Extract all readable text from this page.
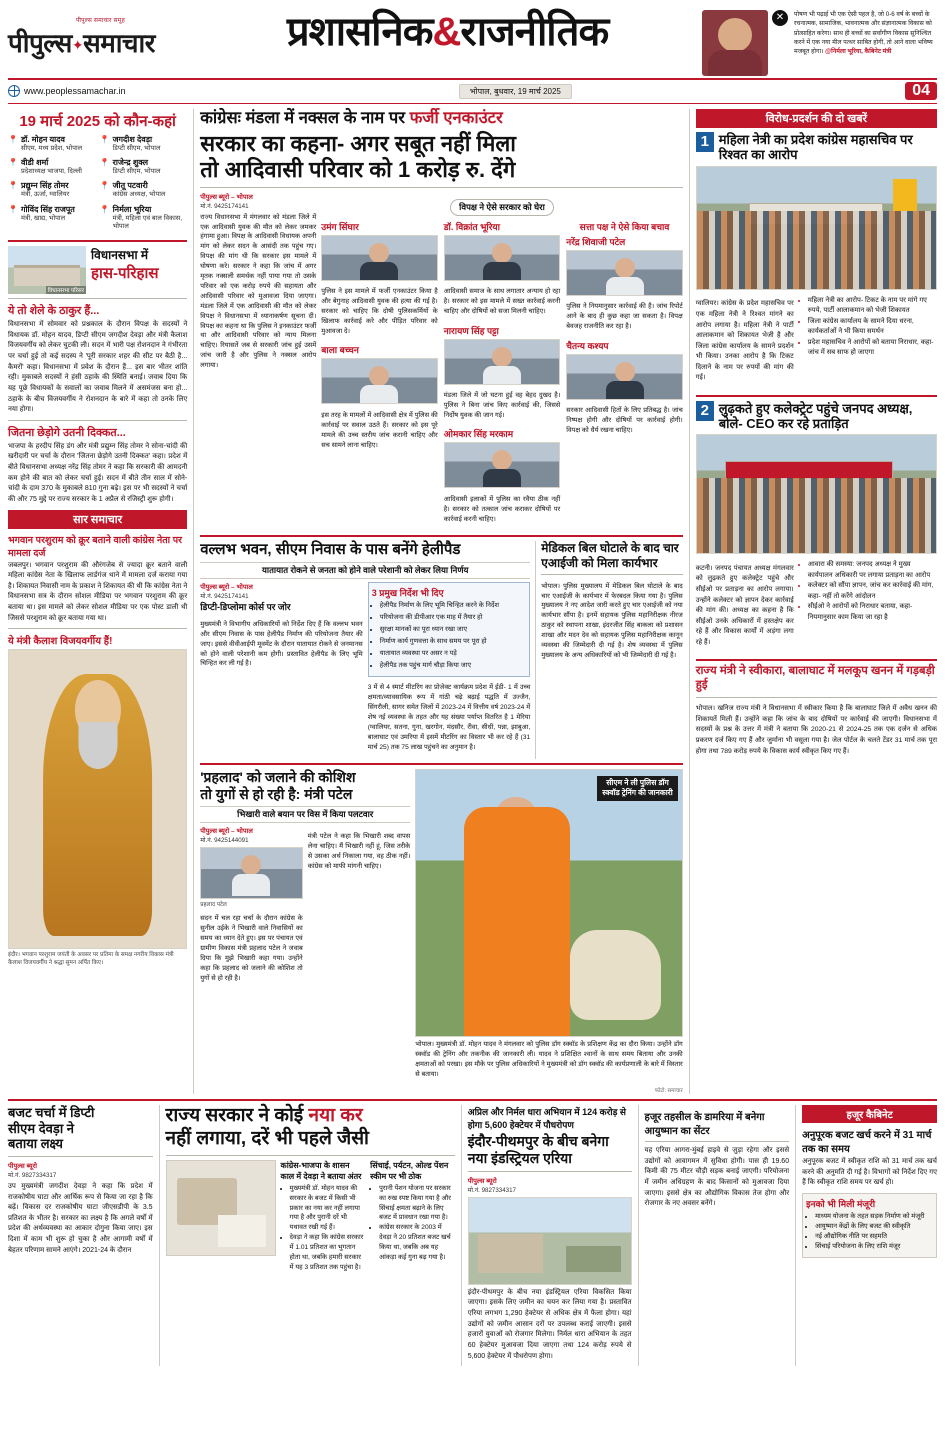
पीपुल्स समाचार समूह
पीपुल्स✦समाचार	प्रशासनिक&राजनीतिक	✕	पोषण भी पढ़ाई भी एक ऐसी पहल है, जो 0-6 वर्ष के बच्चों के रचनात्मक, सामाजिक, भावनात्मक और संज्ञानात्मक विकास को प्रोत्साहित करेगा। साथ ही बच्चों का सर्वांगीण विकास सुनिश्चित करने में एक नया मील पत्थर साबित होगी, तो आने वाला भविष्य मजबूत होगा। @निर्मला भूरिया, कैबिनेट मंत्री
www.peoplessamachar.in	भोपाल, बुधवार, 19 मार्च 2025	04
19 मार्च 2025 को कौन-कहां
📍 डॉ. मोहन यादव
सीएम, मध्य प्रदेश, भोपाल
📍 वीडी शर्मा
प्रदेशाध्यक्ष भाजपा, दिल्ली
📍 प्रद्युम्न सिंह तोमर
मंत्री, ऊर्जा, ग्वालियर
📍 गोविंद सिंह राजपूत
मंत्री, खाद्य, भोपाल
📍 जगदीश देवड़ा
डिप्टी सीएम, भोपाल
📍 राजेन्द्र शुक्ल
डिप्टी सीएम, भोपाल
📍 जीतू पटवारी
कांग्रेस अध्यक्ष, भोपाल
📍 निर्मला भूरिया
मंत्री, महिला एवं बाल विकास, भोपाल
विधानसभा परिसर
विधानसभा में
हास-परिहास
ये तो शेले के ठाकुर हैं...

विधानसभा में सोमवार को प्रश्नकाल के दौरान विपक्ष के सदस्यों ने विधायक डॉ. मोहन यादव, डिप्टी सीएम जगदीश देवड़ा और मंत्री कैलाश विजयवर्गीय को लेकर चुटकी ली। सदन में भारी पक्ष रोशनदान ने गंभीरता पर चर्चा हुई तो कई सदस्य ने 'पूरी सरकार शहर की सीट पर बैठी है... कैमरों' कहा। विधानसभा में प्रवेश के दौरान हैं... इस बार भीतर शांति रही। मुकाबले सदस्यों ने हंसी ठहाके की स्थिति बनाई। जवाब दिया कि यह पूछे विधायकों के सवालों का जवाब मिलने में असमंजस बना हो... ठहाके के बीच विजयवर्गीय ने रोशनदान के बारे में कहा तो उनके लिए नया होगा।

जितना छेड़ोगे उतनी दिक्कत...

भाजपा के हरदीप सिंह डंग और मंत्री प्रद्युम्न सिंह तोमर ने सोना-चांदी की खरीदारी पर चर्चा के दौरान 'जितना छेड़ोगे उतनी दिक्कत' कहा। प्रदेश में बीते विधानसभा अध्यक्ष नरेंद्र सिंह तोमर ने कहा कि सरकारी की आमदनी कम होने की बात को लेकर चर्चा हुई। सदन में बीते तीन साल में सोने-चांदी के दाम 370 के मुकाबले 810 गुना बढ़े। इस पर भी सदस्यों ने चर्चा की और 75 मुद्दे पर राज्य सरकार के 1 अप्रैल से रजिस्ट्री शुरू होगी।

सार समाचार
भगवान परशुराम को क्रूर बताने वाली कांग्रेस नेता पर मामला दर्ज

जबलपुर। भगवान परशुराम की औरंगजेब से ज्यादा क्रूर बताने वाली महिला कांग्रेस नेता के खिलाफ लार्डगंज थाने में मामला दर्ज कराया गया है। शिकायत निवासी नाम के प्रकाश ने शिकायत की थी कि कांग्रेस नेता ने विधानसभा सत्र के दौरान सोशल मीडिया पर भगवान परशुराम की क्रूर बताया था। इस मामले को लेकर सोशल मीडिया पर एक पोस्ट डाली थी जिससे परशुराम को क्रूर बताया गया था।

ये मंत्री कैलाश विजयवर्गीय हैं!
इंदौर। भगवान परशुराम जयंती के अवसर पर प्रतिमा के समक्ष नगरीय विकास मंत्री कैलाश विजयवर्गीय ने श्रद्धा सुमन अर्पित किए।
कांग्रेसः मंडला में नक्सल के नाम पर फर्जी एनकाउंटर
सरकार का कहना- अगर सबूत नहीं मिला
तो आदिवासी परिवार को 1 करोड़ रु. देंगे
पीपुल्स ब्यूरो – भोपाल
मो.नं. 9425174141

राज्य विधानसभा में मंगलवार को मंडला जिले में एक आदिवासी युवक की मौत को लेकर जमकर हंगामा हुआ। विपक्ष के आदिवासी विधायक अपनी मांग को लेकर सदन के आसंदी तक पहुंच गए। विपक्ष की मांग थी कि सरकार इस मामले में घोषणा करे। सरकार ने कहा कि जांच में अगर मृतक नक्सली समर्थक नहीं पाया गया तो उसके परिवार को एक करोड़ रुपये की सहायता और आदिवासी परिवार को मुआवजा दिया जाएगा। मंडला जिले में एक आदिवासी की मौत को लेकर विपक्ष ने विधानसभा में ध्यानाकर्षण सूचना दी। विपक्ष का कहना था कि पुलिस ने इनकाउंटर फर्जी था और आदिवासी परिवार को न्याय मिलना चाहिए। रियासतें जब से सरकारी जांच हुई उसमें जांच जारी है और पुलिस ने नक्सल आरोप लगाया।

विपक्ष ने ऐसे सरकार को घेरा
उमंग सिंघार

पुलिस ने इस मामले में फर्जी एनकाउंटर किया है और बेगुनाह आदिवासी युवक की हत्या की गई है। सरकार को चाहिए कि दोषी पुलिसकर्मियों के खिलाफ कार्रवाई करे और पीड़ित परिवार को मुआवजा दे।

बाला बच्चन

इस तरह के मामलों में आदिवासी क्षेत्र में पुलिस की कार्रवाई पर सवाल उठते हैं। सरकार को इस पूरे मामले की उच्च स्तरीय जांच करानी चाहिए और सच सामने लाना चाहिए।

डॉ. विक्रांत भूरिया

आदिवासी समाज के साथ लगातार अन्याय हो रहा है। सरकार को इस मामले में सख्त कार्रवाई करनी चाहिए और दोषियों को सजा मिलनी चाहिए।

नारायण सिंह पट्टा

मंडला जिले में जो घटना हुई वह बेहद दुखद है। पुलिस ने बिना जांच किए कार्रवाई की, जिससे निर्दोष युवक की जान गई।

ओमकार सिंह मरकाम

आदिवासी इलाकों में पुलिस का रवैया ठीक नहीं है। सरकार को तत्काल जांच कराकर दोषियों पर कार्रवाई करनी चाहिए।

सत्ता पक्ष ने ऐसे किया बचाव
नरेंद्र शिवाजी पटेल

पुलिस ने नियमानुसार कार्रवाई की है। जांच रिपोर्ट आने के बाद ही कुछ कहा जा सकता है। विपक्ष बेवजह राजनीति कर रहा है।

चैतन्य कश्यप

सरकार आदिवासी हितों के लिए प्रतिबद्ध है। जांच निष्पक्ष होगी और दोषियों पर कार्रवाई होगी। विपक्ष को धैर्य रखना चाहिए।

वल्लभ भवन, सीएम निवास के पास बनेंगे हेलीपैड
यातायात रोकने से जनता को होने वाले परेशानी को लेकर लिया निर्णय
पीपुल्स ब्यूरो – भोपाल
मो.नं. 9425174141
डिप्टी-डिप्लोमा कोर्स पर जोर

मुख्यमंत्री ने विभागीय अधिकारियों को निर्देश दिए हैं कि वल्लभ भवन और सीएम निवास के पास हेलीपैड निर्माण की परियोजना तैयार की जाए। इससे वीवीआईपी मूवमेंट के दौरान यातायात रोकने से जनमानस को होने वाली परेशानी कम होगी। प्रस्तावित हेलीपैड के लिए भूमि चिन्हित कर ली गई है।

3 प्रमुख निर्देश भी दिए
• हेलीपैड निर्माण के लिए भूमि चिन्हित करने के निर्देश
• परियोजना की डीपीआर एक माह में तैयार हो
• सुरक्षा मानकों का पूरा ध्यान रखा जाए
• निर्माण कार्य गुणवत्ता के साथ समय पर पूरा हो
• यातायात व्यवस्था पर असर न पड़े
• हेलीपैड तक पहुंच मार्ग चौड़ा किया जाए

3 में से 4 स्मार्ट मीटरिंग का प्रोजेक्ट कार्यक्रम प्रदेश में ईडी- 1 में उच्च क्षमता/व्यावसायिक रूप में गांठी चढ़े बढ़ाई पद्धति में उज्जैन, सिंगरौली, सागर समेत जिलों में 2023-24 में वित्तीय वर्ष 2023-24 में शेष नई व्यवस्था के तहत और यह संख्या पर्याप्त वितरित है 1 मेरिया (ग्वालियर, सतना, गुना, खरगोन, मंदसौर, रीवा, सीधी, पन्ना, झाबुआ, बालाघाट एवं उमरिया में इसमें मीटरिंग का विस्तार भी कर रहे हैं (31 मार्च 25) तक 75 लाख पहुंचने का अनुमान है।

मेडिकल बिल घोटाले के बाद चार एआईजी को मिला कार्यभार

भोपाल। पुलिस मुख्यालय में मेडिकल बिल घोटाले के बाद चार एआईजी के कार्यभार में फेरबदल किया गया है। पुलिस मुख्यालय ने नए आदेश जारी करते हुए चार एआईजी को नया कार्यभार सौंपा है। इनमें सहायक पुलिस महानिरीक्षक नीरज ठाकुर को स्थापना शाखा, इंदरजीत सिंह बाकला को प्रशासन शाखा और मदन देव को सहायक पुलिस महानिरीक्षक कानून व्यवस्था की जिम्मेदारी दी गई है। शेष व्यवस्था में पुलिस मुख्यालय के अन्य अधिकारियों को भी जिम्मेदारी दी गई है।

'प्रहलाद' को जलाने की कोशिश
तो युगों से हो रही है: मंत्री पटेल
भिखारी वाले बयान पर विस में किया पलटवार
पीपुल्स ब्यूरो – भोपाल
मो.नं. 9425144091
प्रहलाद पटेल

सदन में चल रहा चर्चा के दौरान कांग्रेस के सुनील उईके ने भिखारी वाले निवासियों का समय का ध्यान देते हुए। इस पर पंचायत एवं ग्रामीण विकास मंत्री प्रहलाद पटेल ने जवाब दिया कि मुझे भिखारी कहा गया। उन्होंने कहा कि प्रहलाद को जलाने की कोशिश तो युगों से हो रही है।

मंत्री पटेल ने कहा कि भिखारी शब्द वापस लेना चाहिए। मैं भिखारी नहीं हूं, जिस तरीके से उसका अर्थ निकाला गया, वह ठीक नहीं। कांग्रेस को माफी मांगनी चाहिए।

सीएम ने ली पुलिस डॉग
स्क्वॉड ट्रेनिंग की जानकारी

भोपाल। मुख्यमंत्री डॉ. मोहन यादव ने मंगलवार को पुलिस डॉग स्क्वॉड के प्रशिक्षण केंद्र का दौरा किया। उन्होंने डॉग स्क्वॉड की ट्रेनिंग और तकनीक की जानकारी ली। यादव ने प्रशिक्षित श्वानों के साथ समय बिताया और उनकी क्षमताओं को परखा। इस मौके पर पुलिस अधिकारियों ने मुख्यमंत्री को डॉग स्क्वॉड की कार्यप्रणाली के बारे में विस्तार से बताया।

फोटो: समाचार
विरोध-प्रदर्शन की दो खबरें
1 महिला नेत्री का प्रदेश कांग्रेस महासचिव पर रिश्वत का आरोप

ग्वालियर। कांग्रेस के प्रदेश महासचिव पर एक महिला नेत्री ने रिश्वत मांगने का आरोप लगाया है। महिला नेत्री ने पार्टी आलाकमान को शिकायत भेजी है और जिला कांग्रेस कार्यालय के सामने प्रदर्शन भी किया। उनका आरोप है कि टिकट दिलाने के नाम पर रुपयों की मांग की गई।

• महिला नेत्री का आरोप- टिकट के नाम पर मांगे गए रुपये, पार्टी आलाकमान को भेजी शिकायत
• जिला कांग्रेस कार्यालय के सामने दिया धरना, कार्यकर्ताओं ने भी किया समर्थन
• प्रदेश महासचिव ने आरोपों को बताया निराधार, कहा- जांच में सब साफ हो जाएगा
2 लुढ़कते हुए कलेक्ट्रेट पहुंचे जनपद अध्यक्ष, बोले- CEO कर रहे प्रताड़ित

कटनी। जनपद पंचायत अध्यक्ष मंगलवार को लुढ़कते हुए कलेक्ट्रेट पहुंचे और सीईओ पर प्रताड़ना का आरोप लगाया। उन्होंने कलेक्टर को ज्ञापन देकर कार्रवाई की मांग की। अध्यक्ष का कहना है कि सीईओ उनके अधिकारों में हस्तक्षेप कर रहे हैं और विकास कार्यों में अड़ंगा लगा रहे हैं।

• आवारा की समस्या: जनपद अध्यक्ष ने मुख्य कार्यपालन अधिकारी पर लगाया प्रताड़ना का आरोप
• कलेक्टर को सौंपा ज्ञापन, जांच कर कार्रवाई की मांग, कहा- नहीं तो करेंगे आंदोलन
• सीईओ ने आरोपों को निराधार बताया, कहा- नियमानुसार काम किया जा रहा है
राज्य मंत्री ने स्वीकारा, बालाघाट में मलकूप खनन में गड़बड़ी हुई

भोपाल। खनिज राज्य मंत्री ने विधानसभा में स्वीकार किया है कि बालाघाट जिले में अवैध खनन की शिकायतें मिली हैं। उन्होंने कहा कि जांच के बाद दोषियों पर कार्रवाई की जाएगी। विधानसभा में सदस्यों के प्रश्न के उत्तर में मंत्री ने बताया कि 2020-21 से 2024-25 तक एक दर्जन से अधिक प्रकरण दर्ज किए गए हैं और जुर्माना भी वसूला गया है। जेल पोर्टल के चलते टेंडर 31 मार्च तक पूरा होगा तथा 789 करोड़ रुपये के विकास कार्य स्वीकृत किए गए हैं।

बजट चर्चा में डिप्टी
सीएम देवड़ा ने
बताया लक्ष्य
पीपुल्स ब्यूरो
मो.नं. 9827334317

उप मुख्यमंत्री जगदीश देवड़ा ने कहा कि प्रदेश में राजकोषीय घाटा और आर्थिक रूप से किया जा रहा है कि बढ़ें। विकास दर राजकोषीय घाटा जीएसडीपी के 3.5 प्रतिशत के भीतर है। सरकार का लक्ष्य है कि अगले वर्षों में प्रदेश की अर्थव्यवस्था का आकार दोगुना किया जाए। इस दिशा में काम भी शुरू हो चुका है और आगामी वर्षों में बेहतर परिणाम सामने आएंगे। 2021-24 के दौरान

राज्य सरकार ने कोई नया कर
नहीं लगाया, दरें भी पहले जैसी
कांग्रेस-भाजपा के शासन काल में देवड़ा ने बताया अंतर
• मुख्यमंत्री डॉ. मोहन यादव की सरकार के बजट में किसी भी प्रकार का नया कर नहीं लगाया गया है और पुरानी दरें भी यथावत रखी गई हैं।
• देवड़ा ने कहा कि कांग्रेस सरकार में 1.01 प्रतिशत का भुगतान होता था, जबकि हमारी सरकार में यह 3 प्रतिशत तक पहुंचा है।
सिंचाई, पर्यटन, ओल्ड पेंशन स्कीम पर भी ठोक
• पुरानी पेंशन योजना पर सरकार का रुख स्पष्ट किया गया है और सिंचाई क्षमता बढ़ाने के लिए बजट में प्रावधान रखा गया है।
• कांग्रेस सरकार के 2003 में देवड़ा ने 20 प्रतिशत बजट खर्च किया था, जबकि अब यह आंकड़ा कई गुना बढ़ गया है।
अप्रिल और निर्मल धारा अभियान में 124 करोड़ से होगा 5,600 हेक्टेयर में पौधरोपण
इंदौर-पीथमपुर के बीच बनेगा नया इंडस्ट्रियल एरिया
पीपुल्स ब्यूरो
मो.नं. 9827334317

इंदौर-पीथमपुर के बीच नया इंडस्ट्रियल एरिया विकसित किया जाएगा। इसके लिए जमीन का चयन कर लिया गया है। प्रस्तावित एरिया लगभग 1,290 हेक्टेयर से अधिक क्षेत्र में फैला होगा। यहां उद्योगों को जमीन आसान दरों पर उपलब्ध कराई जाएगी। इससे हजारों युवाओं को रोजगार मिलेगा। निर्मल धारा अभियान के तहत 60 हेक्टेयर मुआवजा दिया जाएगा तथा 124 करोड़ रुपये से 5,600 हेक्टेयर में पौधरोपण होगा।

हजूर तहसील के डामरिया में बनेगा आयुष्मान का सेंटर

यह एरिया आगरा-मुंबई हाइवे से जुड़ा रहेगा और इससे उद्योगों को आवागमन में सुविधा होगी। पास ही 19.60 किमी की 75 मीटर चौड़ी सड़क बनाई जाएगी। परियोजना में जमीन अधिग्रहण के बाद किसानों को मुआवजा दिया जाएगा। इससे क्षेत्र का औद्योगिक विकास तेज होगा और रोजगार के नए अवसर बनेंगे।

हजूर कैबिनेट
अनुपूरक बजट खर्च करने में 31 मार्च तक का समय

अनुपूरक बजट में स्वीकृत राशि को 31 मार्च तक खर्च करने की अनुमति दी गई है। विभागों को निर्देश दिए गए हैं कि स्वीकृत राशि समय पर खर्च हो।

इनको भी मिली मंजूरी
• माध्यम योजना के तहत सड़क निर्माण को मंजूरी
• आयुष्मान केंद्रों के लिए बजट की स्वीकृति
• नई औद्योगिक नीति पर सहमति
• सिंचाई परियोजना के लिए राशि मंजूर
